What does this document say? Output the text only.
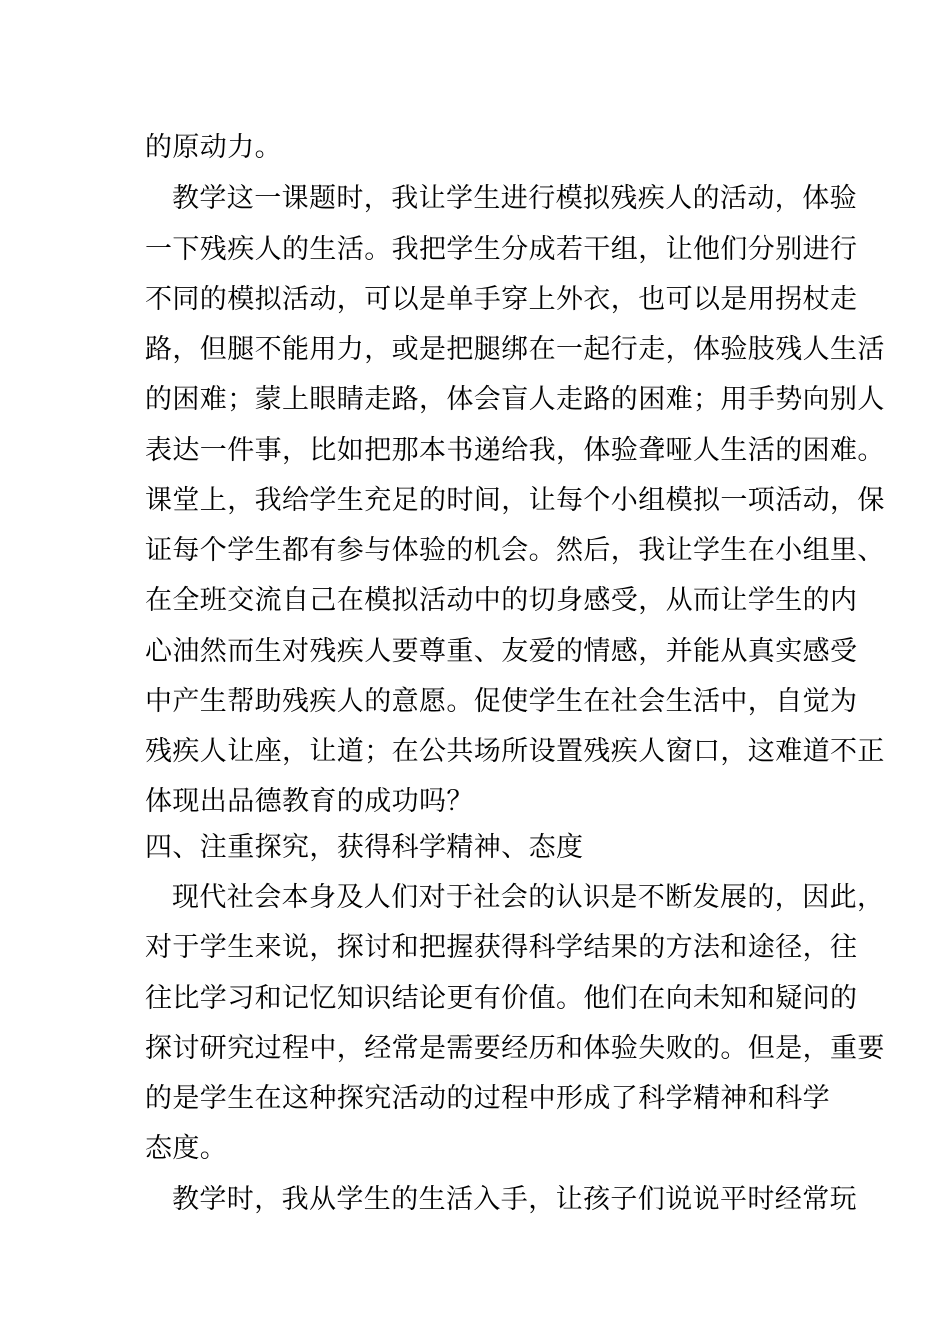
的原动力。
教学这一课题时，我让学生进行模拟残疾人的活动，体验
一下残疾人的生活。我把学生分成若干组，让他们分别进行
不同的模拟活动，可以是单手穿上外衣，也可以是用拐杖走
路，但腿不能用力，或是把腿绑在一起行走，体验肢残人生活
的困难；蒙上眼睛走路，体会盲人走路的困难；用手势向别人
表达一件事，比如把那本书递给我，体验聋哑人生活的困难。
课堂上，我给学生充足的时间，让每个小组模拟一项活动，保
证每个学生都有参与体验的机会。然后，我让学生在小组里、
在全班交流自己在模拟活动中的切身感受，从而让学生的内
心油然而生对残疾人要尊重、友爱的情感，并能从真实感受
中产生帮助残疾人的意愿。促使学生在社会生活中，自觉为
残疾人让座，让道；在公共场所设置残疾人窗口，这难道不正
体现出品德教育的成功吗？
四、注重探究，获得科学精神、态度
现代社会本身及人们对于社会的认识是不断发展的，因此，
对于学生来说，探讨和把握获得科学结果的方法和途径，往
往比学习和记忆知识结论更有价值。他们在向未知和疑问的
探讨研究过程中，经常是需要经历和体验失败的。但是，重要
的是学生在这种探究活动的过程中形成了科学精神和科学
态度。
教学时，我从学生的生活入手，让孩子们说说平时经常玩
